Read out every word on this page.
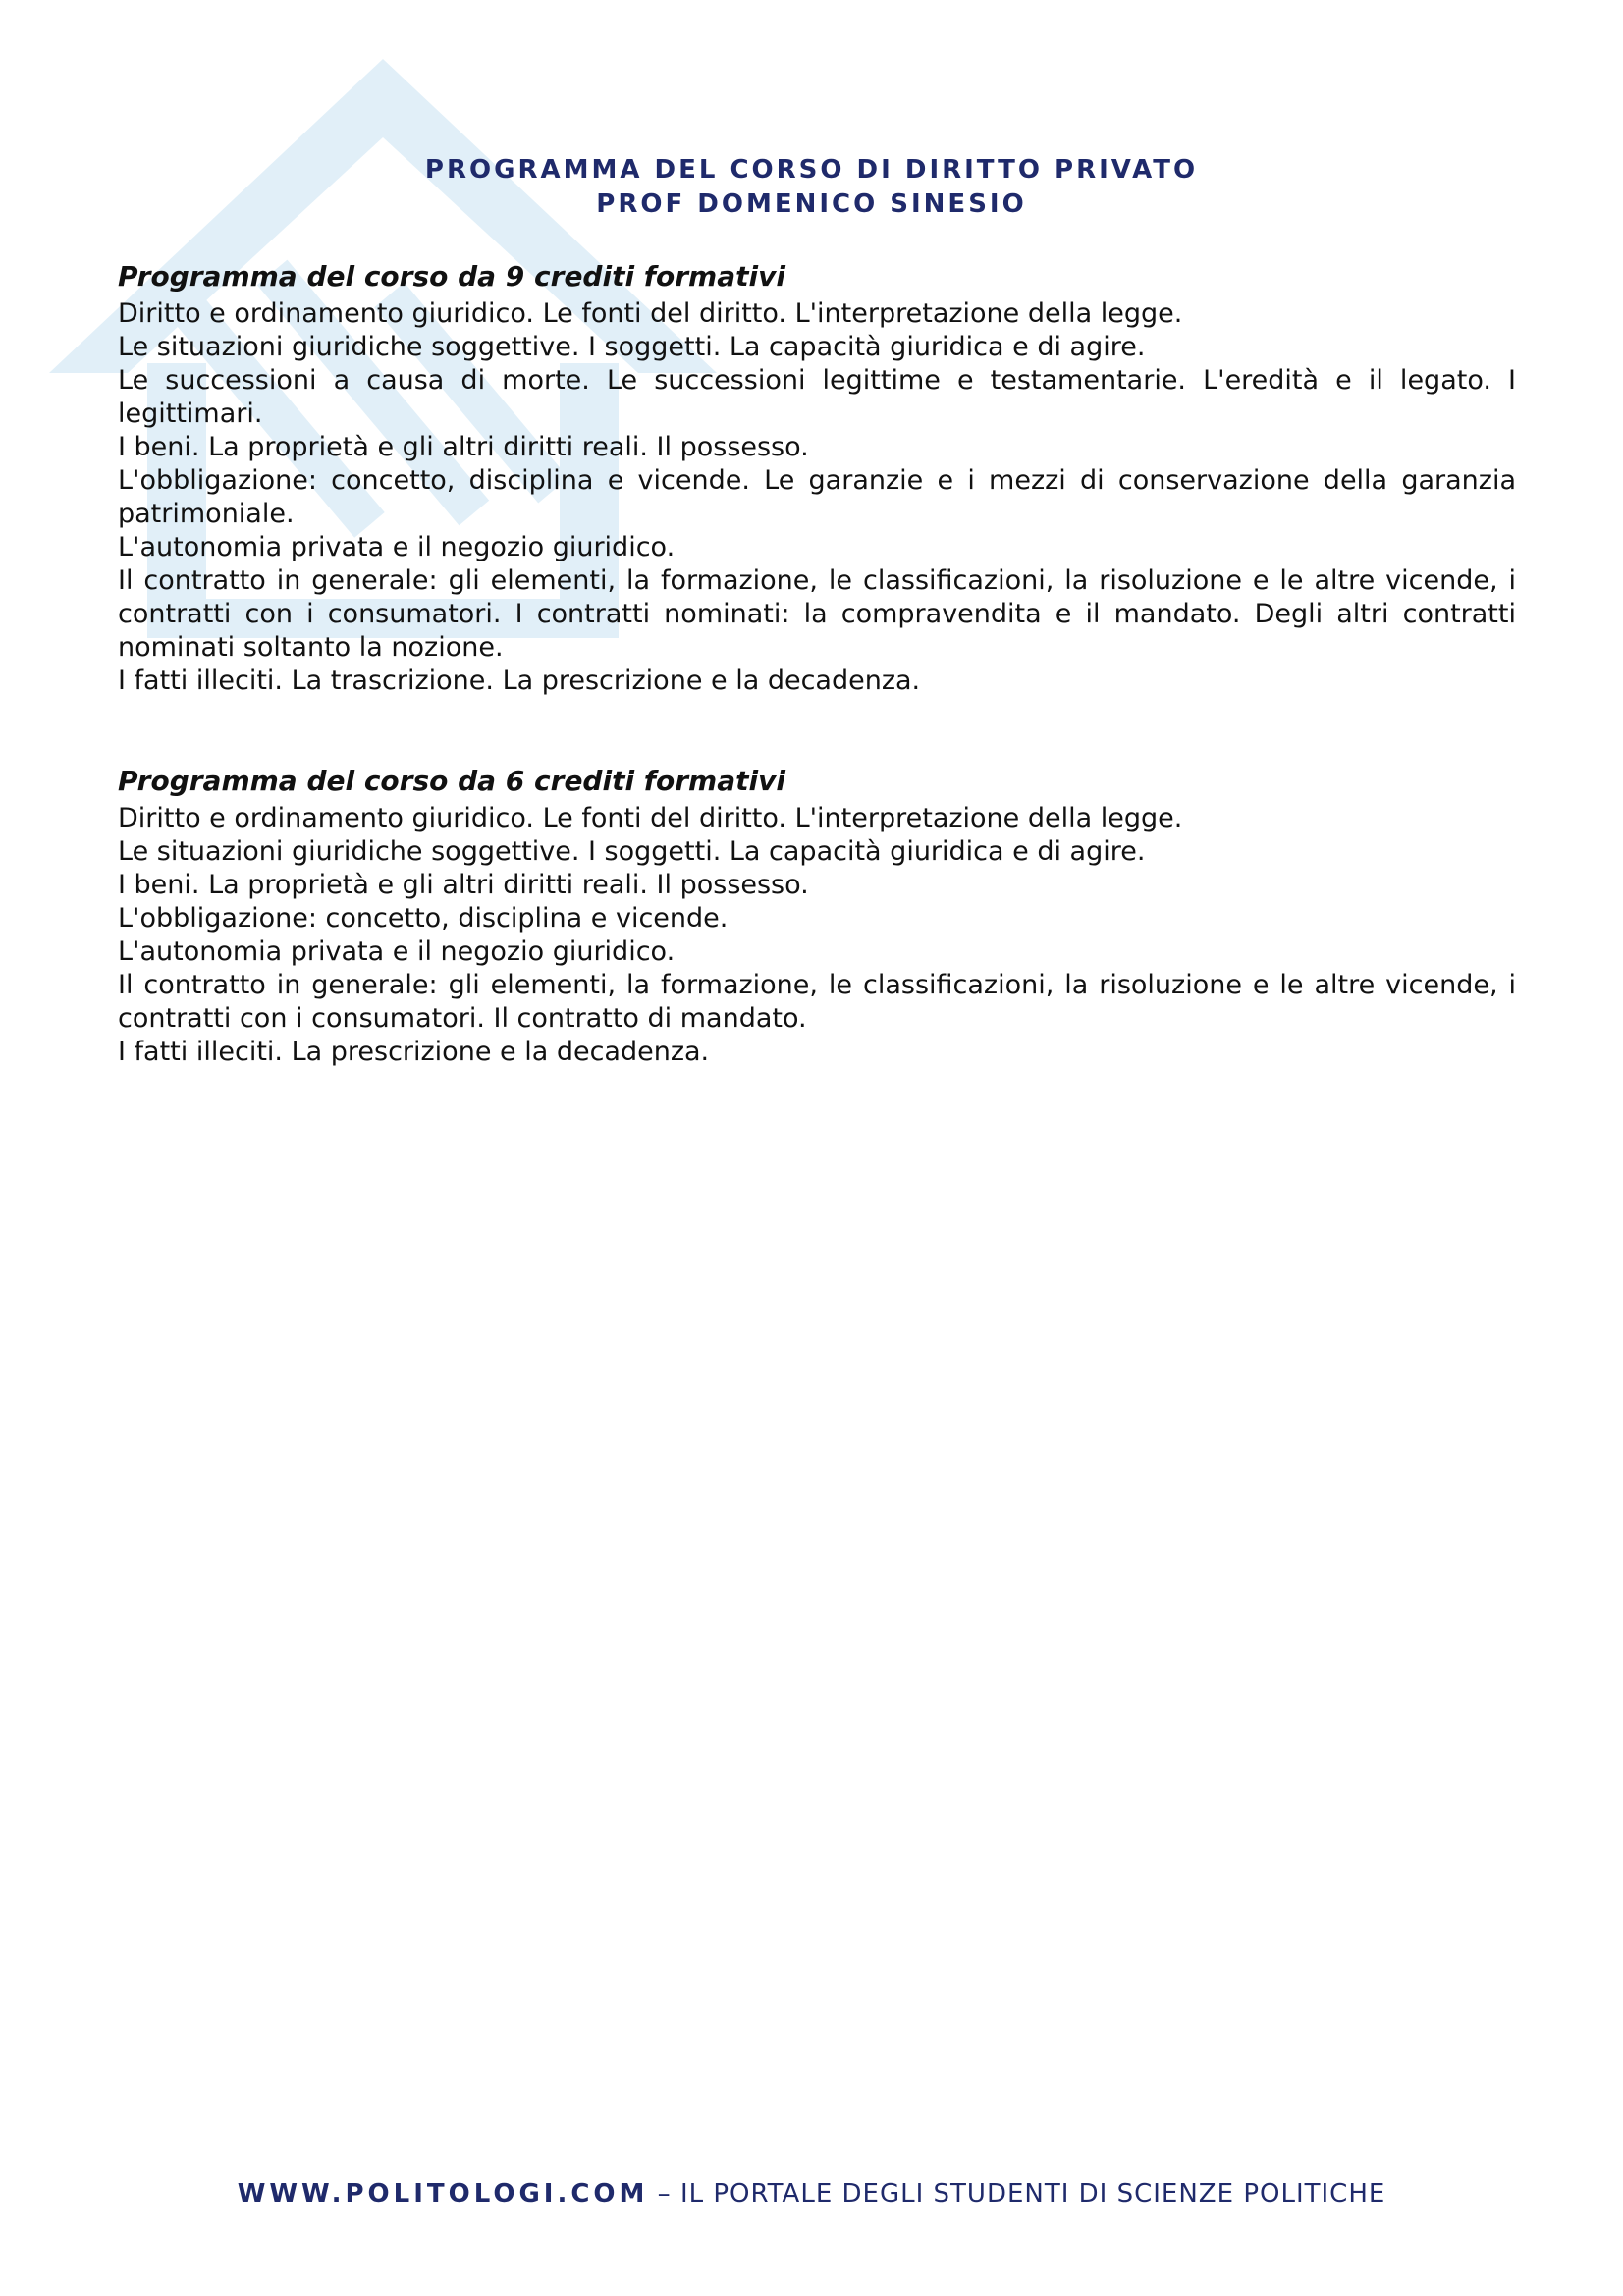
PROGRAMMA DEL CORSO DI DIRITTO PRIVATO
PROF DOMENICO SINESIO

Programma del corso da 9 crediti formativi

Diritto e ordinamento giuridico. Le fonti del diritto. L'interpretazione della legge.

Le situazioni giuridiche soggettive. I soggetti. La capacità giuridica e di agire.

Le successioni a causa di morte. Le successioni legittime e testamentarie. L'eredità e il legato. I legittimari.

I beni. La proprietà e gli altri diritti reali. Il possesso.

L'obbligazione: concetto, disciplina e vicende. Le garanzie e i mezzi di conservazione della garanzia patrimoniale.

L'autonomia privata e il negozio giuridico.

Il contratto in generale: gli elementi, la formazione, le classificazioni, la risoluzione e le altre vicende, i contratti con i consumatori. I contratti nominati: la compravendita e il mandato. Degli altri contratti nominati soltanto la nozione.

I fatti illeciti. La trascrizione. La prescrizione e la decadenza.

Programma del corso da 6 crediti formativi

Diritto e ordinamento giuridico. Le fonti del diritto. L'interpretazione della legge.

Le situazioni giuridiche soggettive. I soggetti. La capacità giuridica e di agire.

I beni. La proprietà e gli altri diritti reali. Il possesso.

L'obbligazione: concetto, disciplina e vicende.

L'autonomia privata e il negozio giuridico.

Il contratto in generale: gli elementi, la formazione, le classificazioni, la risoluzione e le altre vicende, i contratti con i consumatori. Il contratto di mandato.

I fatti illeciti. La prescrizione e la decadenza.

WWW.POLITOLOGI.COM – IL PORTALE DEGLI STUDENTI DI SCIENZE POLITICHE
